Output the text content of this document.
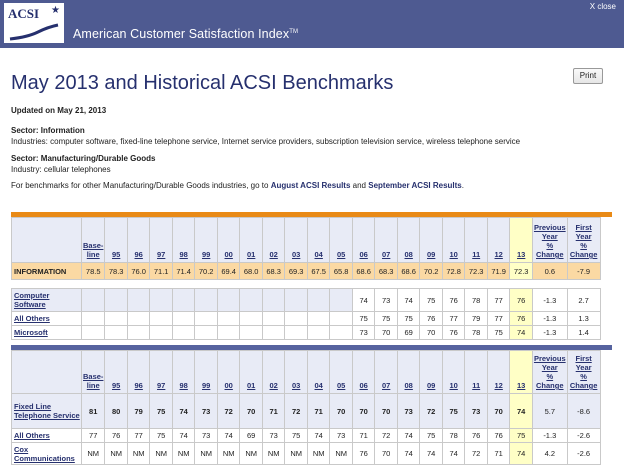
ACSI ★
American Customer Satisfaction Index™
X close
Print
May 2013 and Historical ACSI Benchmarks
Updated on May 21, 2013
Sector: Information
Industries: computer software, fixed-line telephone service, Internet service providers, subscription television service, wireless telephone service
Sector: Manufacturing/Durable Goods
Industry: cellular telephones
For benchmarks for other Manufacturing/Durable Goods industries, go to August ACSI Results and September ACSI Results.
	Base-
line	95	96	97	98	99	00	01	02	03	04	05	06	07	08	09	10	11	12	13	Previous
Year
%
Change	First
Year
%
Change
INFORMATION	78.5	78.3	76.0	71.1	71.4	70.2	69.4	68.0	68.3	69.3	67.5	65.8	68.6	68.3	68.6	70.2	72.8	72.3	71.9	72.3	0.6	-7.9

Computer Software													74	73	74	75	76	78	77	76	-1.3	2.7
All Others													75	75	75	76	77	79	77	76	-1.3	1.3
Microsoft													73	70	69	70	76	78	75	74	-1.3	1.4
	Base-
line	95	96	97	98	99	00	01	02	03	04	05	06	07	08	09	10	11	12	13	Previous
Year
%
Change	First
Year
%
Change
Fixed Line Telephone Service	81	80	79	75	74	73	72	70	71	72	71	70	70	70	73	72	75	73	70	74	5.7	-8.6
All Others	77	76	77	75	74	73	74	69	73	75	74	73	71	72	74	75	78	76	76	75	-1.3	-2.6
Cox Communications	NM	NM	NM	NM	NM	NM	NM	NM	NM	NM	NM	NM	76	70	74	74	74	72	71	74	4.2	-2.6
